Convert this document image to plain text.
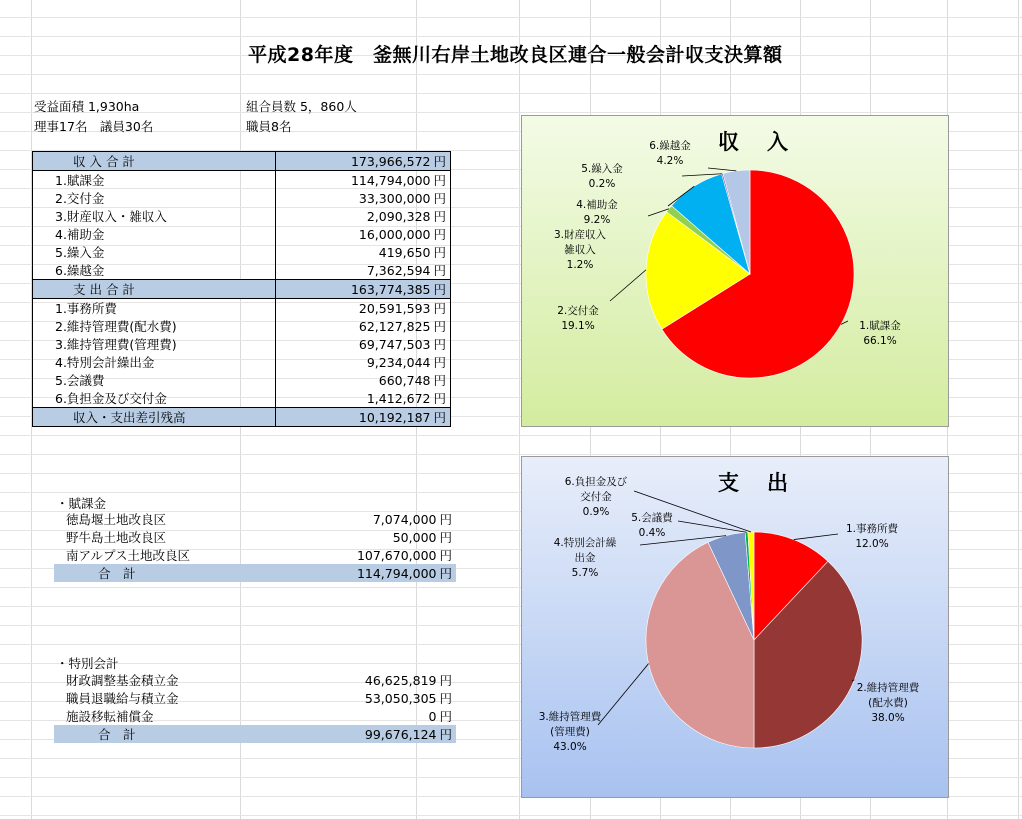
平成28年度　釜無川右岸土地改良区連合一般会計収支決算額
受益面積 1,930ha	組合員数 5，860人
理事17名　議員30名	職員8名
収 入 合 計	173,966,572 円
1.賦課金	114,794,000 円
2.交付金	33,300,000 円
3.財産収入・雑収入	2,090,328 円
4.補助金	16,000,000 円
5.繰入金	419,650 円
6.繰越金	7,362,594 円
支 出 合 計	163,774,385 円
1.事務所費	20,591,593 円
2.維持管理費(配水費)	62,127,825 円
3.維持管理費(管理費)	69,747,503 円
4.特別会計繰出金	9,234,044 円
5.会議費	660,748 円
6.負担金及び交付金	1,412,672 円
収入・支出差引残高	10,192,187 円
・賦課金
徳島堰土地改良区	7,074,000 円
野牛島土地改良区	50,000 円
南アルプス土地改良区	107,670,000 円
合　計	114,794,000 円
・特別会計
財政調整基金積立金	46,625,819 円
職員退職給与積立金	53,050,305 円
施設移転補償金	0 円
合　計	99,676,124 円
収入
1.賦課金
66.1%
2.交付金
19.1%
3.財産収入
雑収入
1.2%
4.補助金
9.2%
5.繰入金
0.2%
6.繰越金
4.2%
支出
1.事務所費
12.0%
2.維持管理費
(配水費)
38.0%
3.維持管理費
(管理費)
43.0%
4.特別会計繰
出金
5.7%
5.会議費
0.4%
6.負担金及び
交付金
0.9%
